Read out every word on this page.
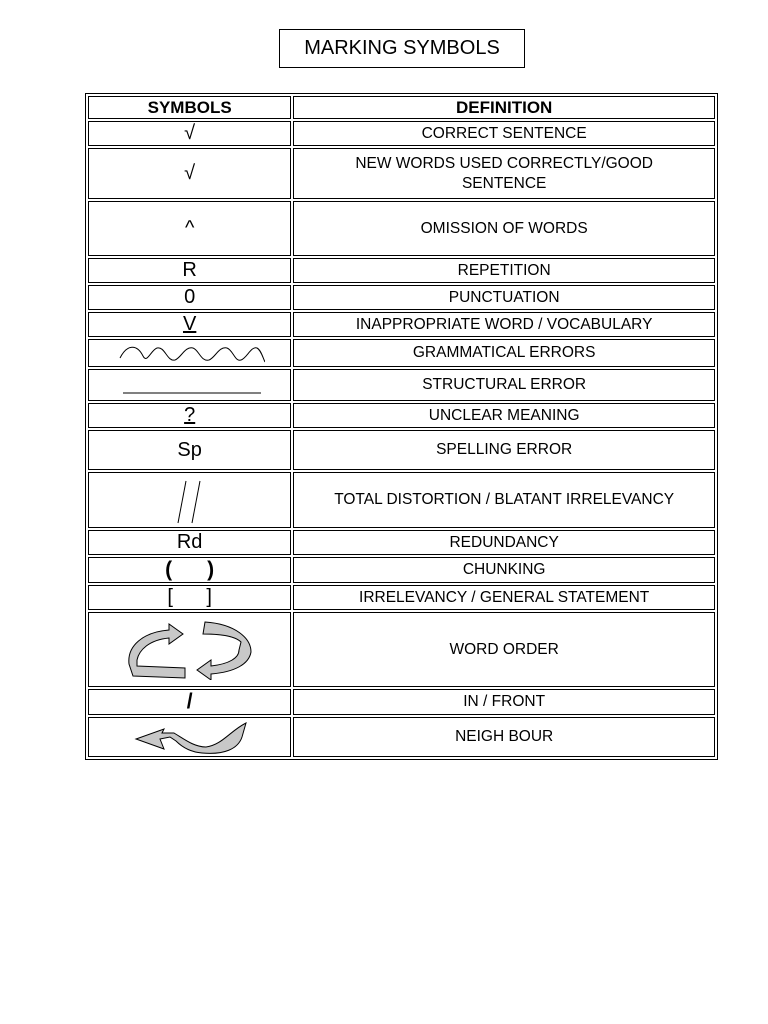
MARKING SYMBOLS
SYMBOLS	DEFINITION
√	CORRECT SENTENCE
√	NEW WORDS USED CORRECTLY/GOOD SENTENCE
^	OMISSION OF WORDS
R	REPETITION
0	PUNCTUATION
V	INAPPROPRIATE WORD / VOCABULARY

	GRAMMATICAL ERRORS

	STRUCTURAL ERROR
?	UNCLEAR MEANING
Sp	SPELLING ERROR

	TOTAL DISTORTION / BLATANT IRRELEVANCY
Rd	REDUNDANCY
(      )	CHUNKING
[      ]	IRRELEVANCY / GENERAL STATEMENT

	WORD ORDER
/	IN / FRONT

	NEIGH BOUR
